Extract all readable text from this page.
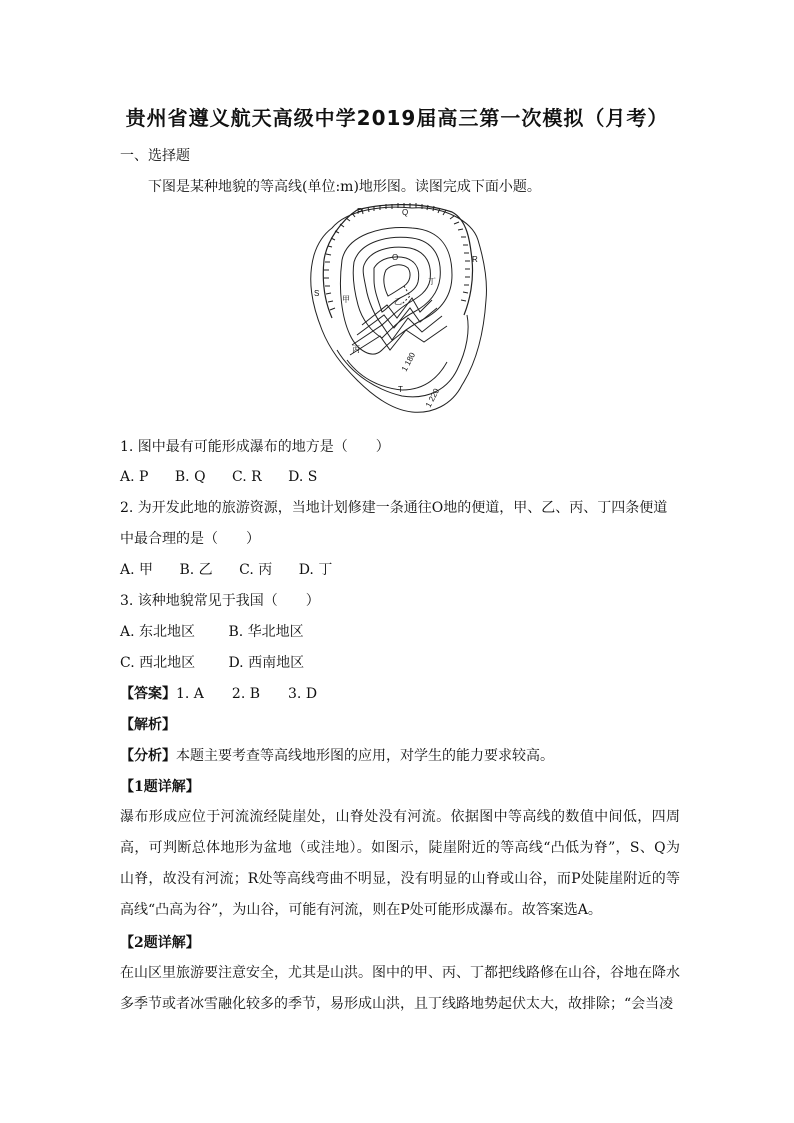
贵州省遵义航天高级中学2019届高三第一次模拟（月考）
一、选择题
下图是某种地貌的等高线(单位:m)地形图。读图完成下面小题。
P	Q
R
S
T
O
甲	乙
丙
丁
1 180
1 220
1. 图中最有可能形成瀑布的地方是（　　）
A. P B. Q C. R D. S
2. 为开发此地的旅游资源，当地计划修建一条通往O地的便道，甲、乙、丙、丁四条便道
中最合理的是（　　）
A. 甲 B. 乙 C. 丙 D. 丁
3. 该种地貌常见于我国（　　）
A. 东北地区 B. 华北地区
C. 西北地区 D. 西南地区
【答案】1. A　　2. B　　3. D
【解析】
【分析】本题主要考查等高线地形图的应用，对学生的能力要求较高。
【1题详解】
瀑布形成应位于河流流经陡崖处，山脊处没有河流。依据图中等高线的数值中间低，四周高，可判断总体地形为盆地（或洼地）。如图示，陡崖附近的等高线“凸低为脊”，S、Q为山脊，故没有河流；R处等高线弯曲不明显，没有明显的山脊或山谷，而P处陡崖附近的等高线“凸高为谷”，为山谷，可能有河流，则在P处可能形成瀑布。故答案选A。
【2题详解】
在山区里旅游要注意安全，尤其是山洪。图中的甲、丙、丁都把线路修在山谷，谷地在降水多季节或者冰雪融化较多的季节，易形成山洪，且丁线路地势起伏太大，故排除；“会当凌
